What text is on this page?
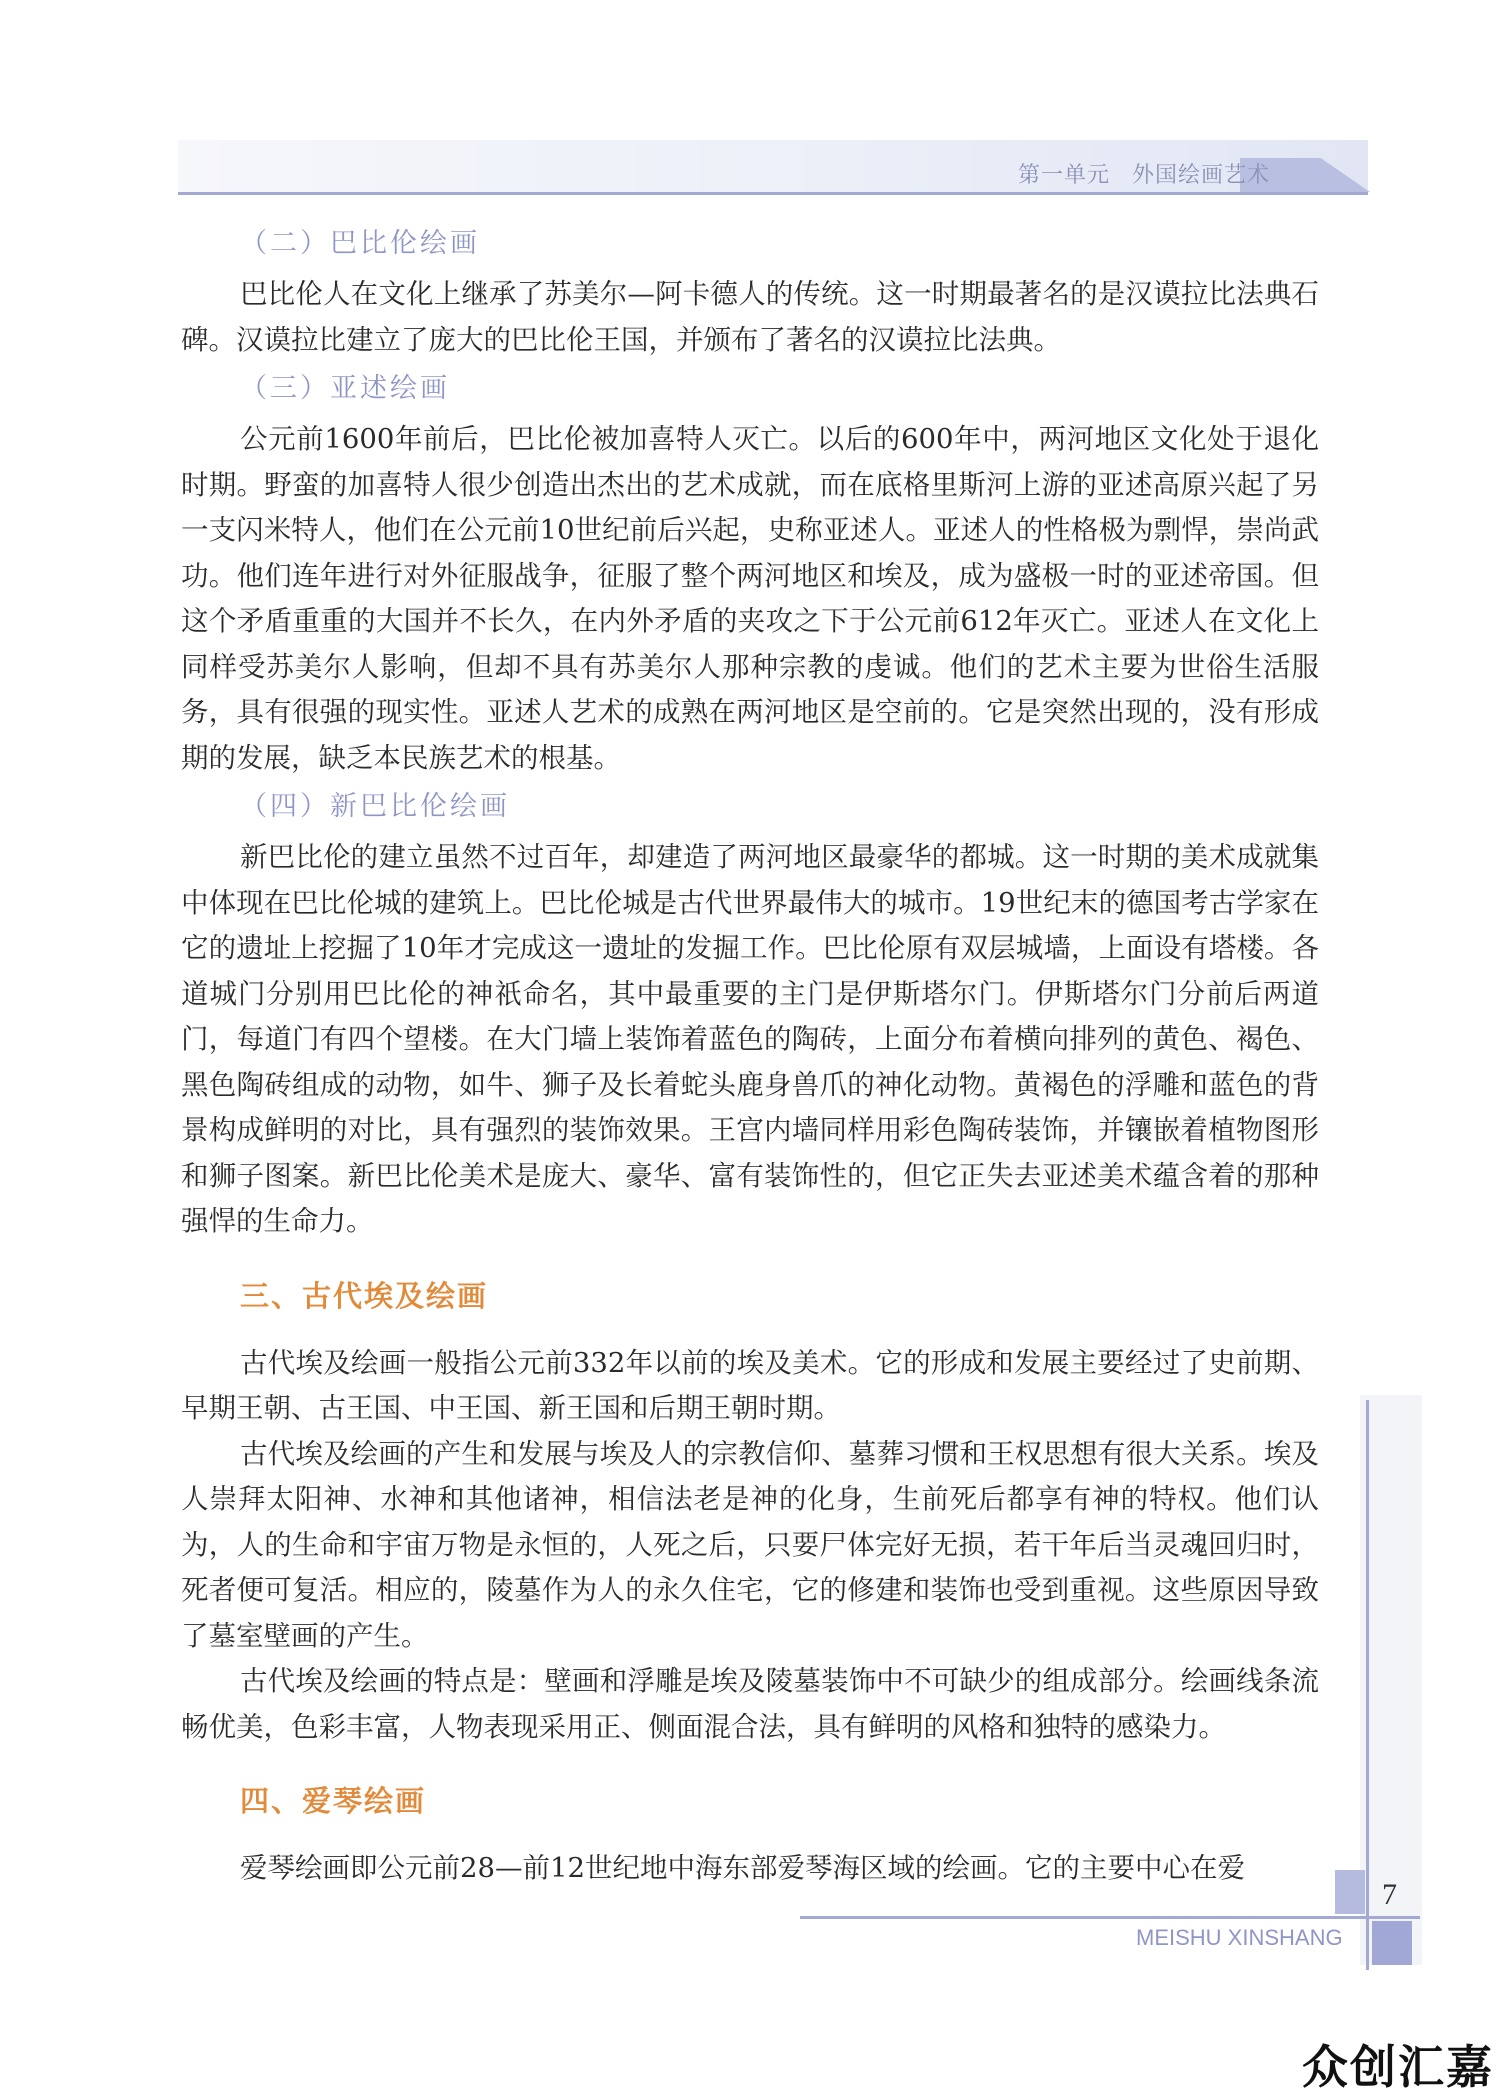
第一单元 外国绘画艺术
（二）巴比伦绘画

巴比伦人在文化上继承了苏美尔—阿卡德人的传统。这一时期最著名的是汉谟拉比法典石碑。汉谟拉比建立了庞大的巴比伦王国，并颁布了著名的汉谟拉比法典。

（三）亚述绘画

公元前1600年前后，巴比伦被加喜特人灭亡。以后的600年中，两河地区文化处于退化时期。野蛮的加喜特人很少创造出杰出的艺术成就，而在底格里斯河上游的亚述高原兴起了另一支闪米特人，他们在公元前10世纪前后兴起，史称亚述人。亚述人的性格极为剽悍，崇尚武功。他们连年进行对外征服战争，征服了整个两河地区和埃及，成为盛极一时的亚述帝国。但这个矛盾重重的大国并不长久，在内外矛盾的夹攻之下于公元前612年灭亡。亚述人在文化上同样受苏美尔人影响，但却不具有苏美尔人那种宗教的虔诚。他们的艺术主要为世俗生活服务，具有很强的现实性。亚述人艺术的成熟在两河地区是空前的。它是突然出现的，没有形成期的发展，缺乏本民族艺术的根基。

（四）新巴比伦绘画

新巴比伦的建立虽然不过百年，却建造了两河地区最豪华的都城。这一时期的美术成就集中体现在巴比伦城的建筑上。巴比伦城是古代世界最伟大的城市。19世纪末的德国考古学家在它的遗址上挖掘了10年才完成这一遗址的发掘工作。巴比伦原有双层城墙，上面设有塔楼。各道城门分别用巴比伦的神祇命名，其中最重要的主门是伊斯塔尔门。伊斯塔尔门分前后两道门，每道门有四个望楼。在大门墙上装饰着蓝色的陶砖，上面分布着横向排列的黄色、褐色、黑色陶砖组成的动物，如牛、狮子及长着蛇头鹿身兽爪的神化动物。黄褐色的浮雕和蓝色的背景构成鲜明的对比，具有强烈的装饰效果。王宫内墙同样用彩色陶砖装饰，并镶嵌着植物图形和狮子图案。新巴比伦美术是庞大、豪华、富有装饰性的，但它正失去亚述美术蕴含着的那种强悍的生命力。

三、古代埃及绘画

古代埃及绘画一般指公元前332年以前的埃及美术。它的形成和发展主要经过了史前期、早期王朝、古王国、中王国、新王国和后期王朝时期。

古代埃及绘画的产生和发展与埃及人的宗教信仰、墓葬习惯和王权思想有很大关系。埃及人崇拜太阳神、水神和其他诸神，相信法老是神的化身，生前死后都享有神的特权。他们认为，人的生命和宇宙万物是永恒的，人死之后，只要尸体完好无损，若干年后当灵魂回归时，死者便可复活。相应的，陵墓作为人的永久住宅，它的修建和装饰也受到重视。这些原因导致了墓室壁画的产生。

古代埃及绘画的特点是：壁画和浮雕是埃及陵墓装饰中不可缺少的组成部分。绘画线条流畅优美，色彩丰富，人物表现采用正、侧面混合法，具有鲜明的风格和独特的感染力。

四、爱琴绘画

爱琴绘画即公元前28—前12世纪地中海东部爱琴海区域的绘画。它的主要中心在爱

7
MEISHU XINSHANG
众创汇嘉
